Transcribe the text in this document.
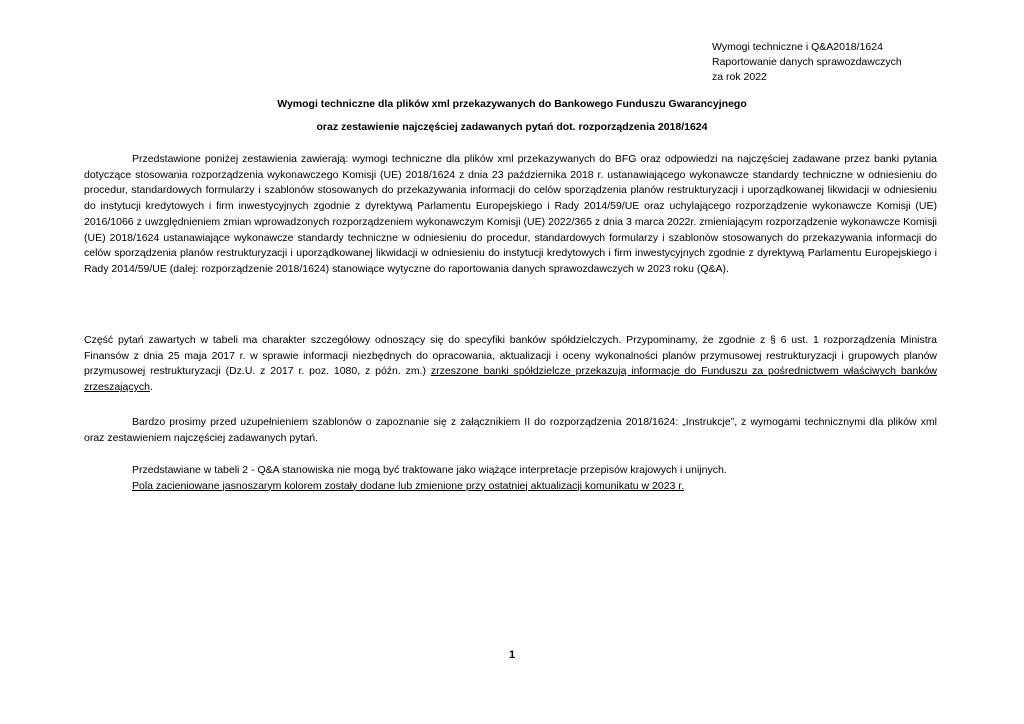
Wymogi techniczne i Q&A2018/1624
Raportowanie danych sprawozdawczych
za rok 2022
Wymogi techniczne dla plików xml przekazywanych do Bankowego Funduszu Gwarancyjnego
oraz zestawienie najczęściej zadawanych pytań dot. rozporządzenia 2018/1624
Przedstawione poniżej zestawienia zawierają: wymogi techniczne dla plików xml przekazywanych do BFG oraz odpowiedzi na najczęściej zadawane przez banki pytania dotyczące stosowania rozporządzenia wykonawczego Komisji (UE) 2018/1624 z dnia 23 października 2018 r. ustanawiającego wykonawcze standardy techniczne w odniesieniu do procedur, standardowych formularzy i szablonów stosowanych do przekazywania informacji do celów sporządzenia planów restrukturyzacji i uporządkowanej likwidacji w odniesieniu do instytucji kredytowych i firm inwestycyjnych zgodnie z dyrektywą Parlamentu Europejskiego i Rady 2014/59/UE oraz uchylającego rozporządzenie wykonawcze Komisji (UE) 2016/1066 z uwzględnieniem zmian wprowadzonych rozporządzeniem wykonawczym Komisji (UE) 2022/365 z dnia 3 marca 2022r. zmieniającym rozporządzenie wykonawcze Komisji (UE) 2018/1624 ustanawiające wykonawcze standardy techniczne w odniesieniu do procedur, standardowych formularzy i szablonów stosowanych do przekazywania informacji do celów sporządzenia planów restrukturyzacji i uporządkowanej likwidacji w odniesieniu do instytucji kredytowych i firm inwestycyjnych zgodnie z dyrektywą Parlamentu Europejskiego i Rady 2014/59/UE (dalej: rozporządzenie 2018/1624) stanowiące wytyczne do raportowania danych sprawozdawczych w 2023 roku (Q&A).
Część pytań zawartych w tabeli ma charakter szczegółowy odnoszący się do specyfiki banków spółdzielczych. Przypominamy, że zgodnie z § 6 ust. 1 rozporządzenia Ministra Finansów z dnia 25 maja 2017 r. w sprawie informacji niezbędnych do opracowania, aktualizacji i oceny wykonalności planów przymusowej restrukturyzacji i grupowych planów przymusowej restrukturyzacji (Dz.U. z 2017 r. poz. 1080, z późn. zm.) zrzeszone banki spółdzielcze przekazują informacje do Funduszu za pośrednictwem właściwych banków zrzeszających.
Bardzo prosimy przed uzupełnieniem szablonów o zapoznanie się z załącznikiem II do rozporządzenia 2018/1624: „Instrukcje”, z wymogami technicznymi dla plików xml oraz zestawieniem najczęściej zadawanych pytań.
Przedstawiane w tabeli 2 - Q&A stanowiska nie mogą być traktowane jako wiążące interpretacje przepisów krajowych i unijnych.
Pola zacieniowane jasnoszarym kolorem zostały dodane lub zmienione przy ostatniej aktualizacji komunikatu w 2023 r.
1
